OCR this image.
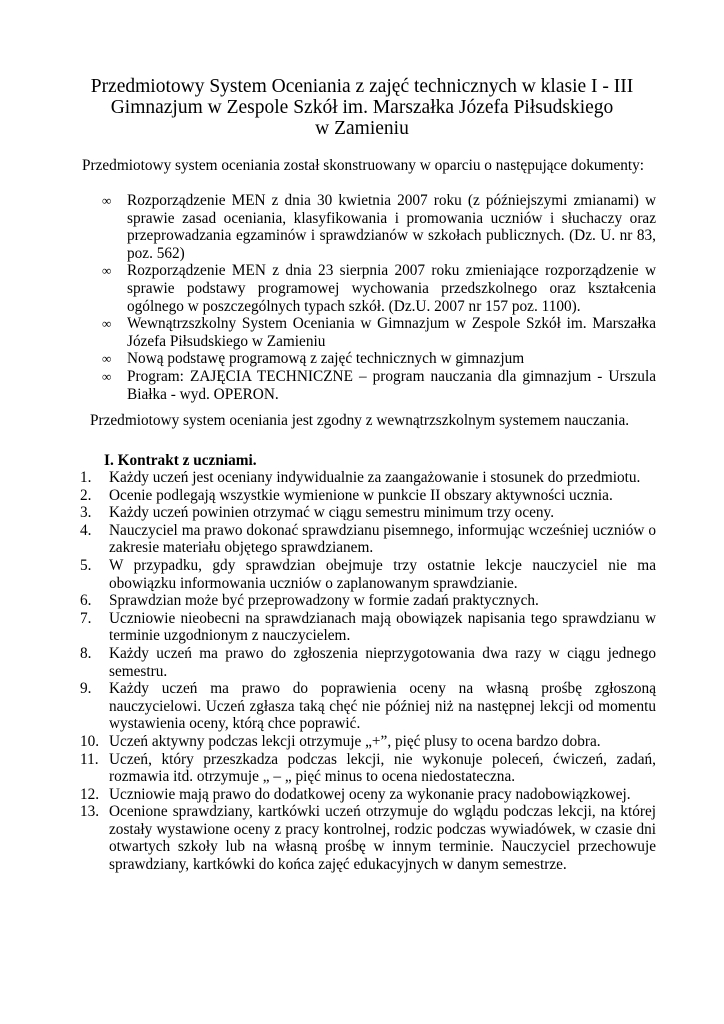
Przedmiotowy System Oceniania z zajęć technicznych w klasie I - III
Gimnazjum w Zespole Szkół im. Marszałka Józefa Piłsudskiego
w Zamieniu

Przedmiotowy system oceniania został skonstruowany w oparciu o następujące dokumenty:

∞ Rozporządzenie MEN z dnia 30 kwietnia 2007 roku (z późniejszymi zmianami) w sprawie zasad oceniania, klasyfikowania i promowania uczniów i słuchaczy oraz przeprowadzania egzaminów i sprawdzianów w szkołach publicznych. (Dz. U. nr 83, poz. 562)
∞ Rozporządzenie MEN z dnia 23 sierpnia 2007 roku zmieniające rozporządzenie w sprawie podstawy programowej wychowania przedszkolnego oraz kształcenia ogólnego w poszczególnych typach szkół. (Dz.U. 2007 nr 157 poz. 1100).
∞ Wewnątrzszkolny System Oceniania w Gimnazjum w Zespole Szkół im. Marszałka Józefa Piłsudskiego w Zamieniu
∞ Nową podstawę programową z zajęć technicznych w gimnazjum
∞ Program: ZAJĘCIA TECHNICZNE – program nauczania dla gimnazjum - Urszula Białka - wyd. OPERON.
Przedmiotowy system oceniania jest zgodny z wewnątrzszkolnym systemem nauczania.
I. Kontrakt z uczniami.
1. Każdy uczeń jest oceniany indywidualnie za zaangażowanie i stosunek do przedmiotu.
2. Ocenie podlegają wszystkie wymienione w punkcie II obszary aktywności ucznia.
3. Każdy uczeń powinien otrzymać w ciągu semestru minimum trzy oceny.
4. Nauczyciel ma prawo dokonać sprawdzianu pisemnego, informując wcześniej uczniów o zakresie materiału objętego sprawdzianem.
5. W przypadku, gdy sprawdzian obejmuje trzy ostatnie lekcje nauczyciel nie ma obowiązku informowania uczniów o zaplanowanym sprawdzianie.
6. Sprawdzian może być przeprowadzony w formie zadań praktycznych.
7. Uczniowie nieobecni na sprawdzianach mają obowiązek napisania tego sprawdzianu w terminie uzgodnionym z nauczycielem.
8. Każdy uczeń ma prawo do zgłoszenia nieprzygotowania dwa razy w ciągu jednego semestru.
9. Każdy uczeń ma prawo do poprawienia oceny na własną prośbę zgłoszoną nauczycielowi. Uczeń zgłasza taką chęć nie później niż na następnej lekcji od momentu wystawienia oceny, którą chce poprawić.
10. Uczeń aktywny podczas lekcji otrzymuje „+”, pięć plusy to ocena bardzo dobra.
11. Uczeń, który przeszkadza podczas lekcji, nie wykonuje poleceń, ćwiczeń, zadań, rozmawia itd. otrzymuje „ – „ pięć minus to ocena niedostateczna.
12. Uczniowie mają prawo do dodatkowej oceny za wykonanie pracy nadobowiązkowej.
13. Ocenione sprawdziany, kartkówki uczeń otrzymuje do wglądu podczas lekcji, na której zostały wystawione oceny z pracy kontrolnej, rodzic podczas wywiadówek, w czasie dni otwartych szkoły lub na własną prośbę w innym terminie. Nauczyciel przechowuje sprawdziany, kartkówki do końca zajęć edukacyjnych w danym semestrze.
